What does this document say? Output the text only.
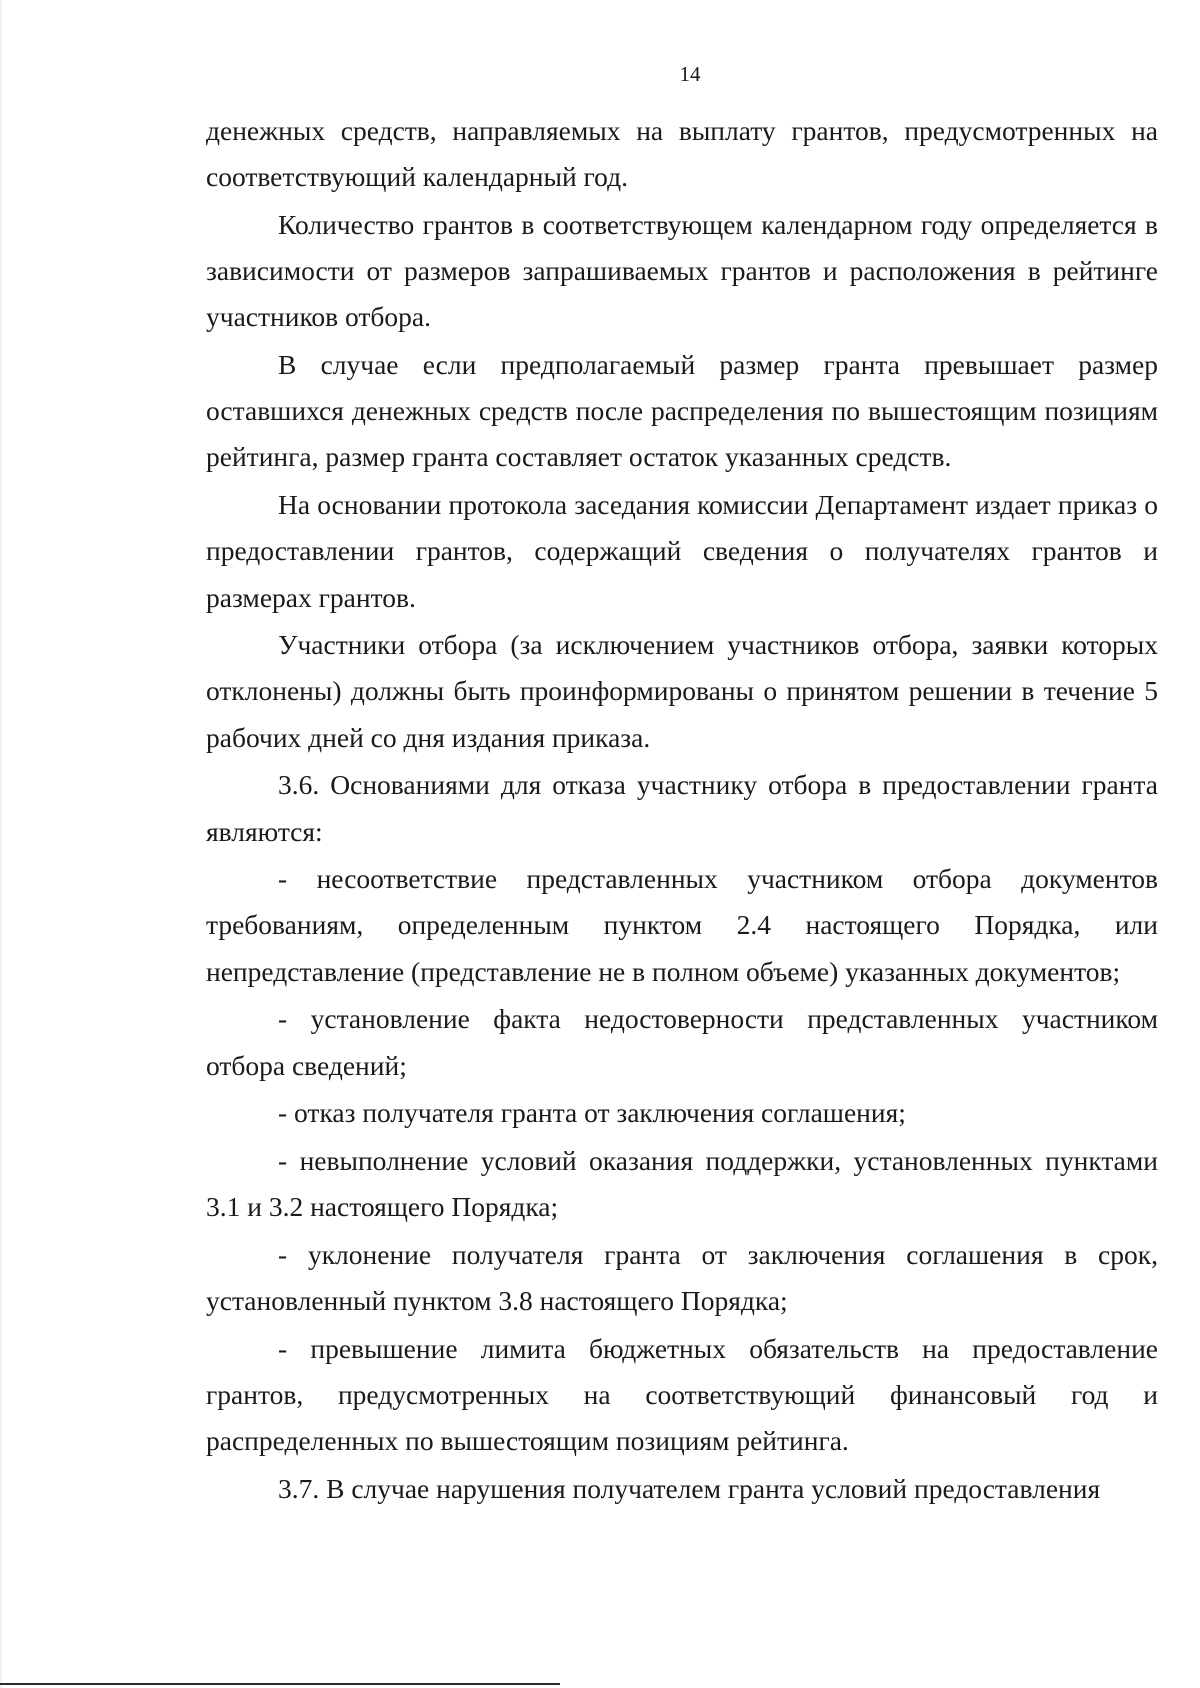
14

денежных средств, направляемых на выплату грантов, предусмотренных на соответствующий календарный год.

Количество грантов в соответствующем календарном году определяется в зависимости от размеров запрашиваемых грантов и расположения в рейтинге участников отбора.

В случае если предполагаемый размер гранта превышает размер оставшихся денежных средств после распределения по вышестоящим позициям рейтинга, размер гранта составляет остаток указанных средств.

На основании протокола заседания комиссии Департамент издает приказ о предоставлении грантов, содержащий сведения о получателях грантов и размерах грантов.

Участники отбора (за исключением участников отбора, заявки которых отклонены) должны быть проинформированы о принятом решении в течение 5 рабочих дней со дня издания приказа.

3.6. Основаниями для отказа участнику отбора в предоставлении гранта являются:

- несоответствие представленных участником отбора документов требованиям, определенным пунктом 2.4 настоящего Порядка, или непредставление (представление не в полном объеме) указанных документов;

- установление факта недостоверности представленных участником отбора сведений;

- отказ получателя гранта от заключения соглашения;

- невыполнение условий оказания поддержки, установленных пунктами 3.1 и 3.2 настоящего Порядка;

- уклонение получателя гранта от заключения соглашения в срок, установленный пунктом 3.8 настоящего Порядка;

- превышение лимита бюджетных обязательств на предоставление грантов, предусмотренных на соответствующий финансовый год и распределенных по вышестоящим позициям рейтинга.

3.7. В случае нарушения получателем гранта условий предоставления
